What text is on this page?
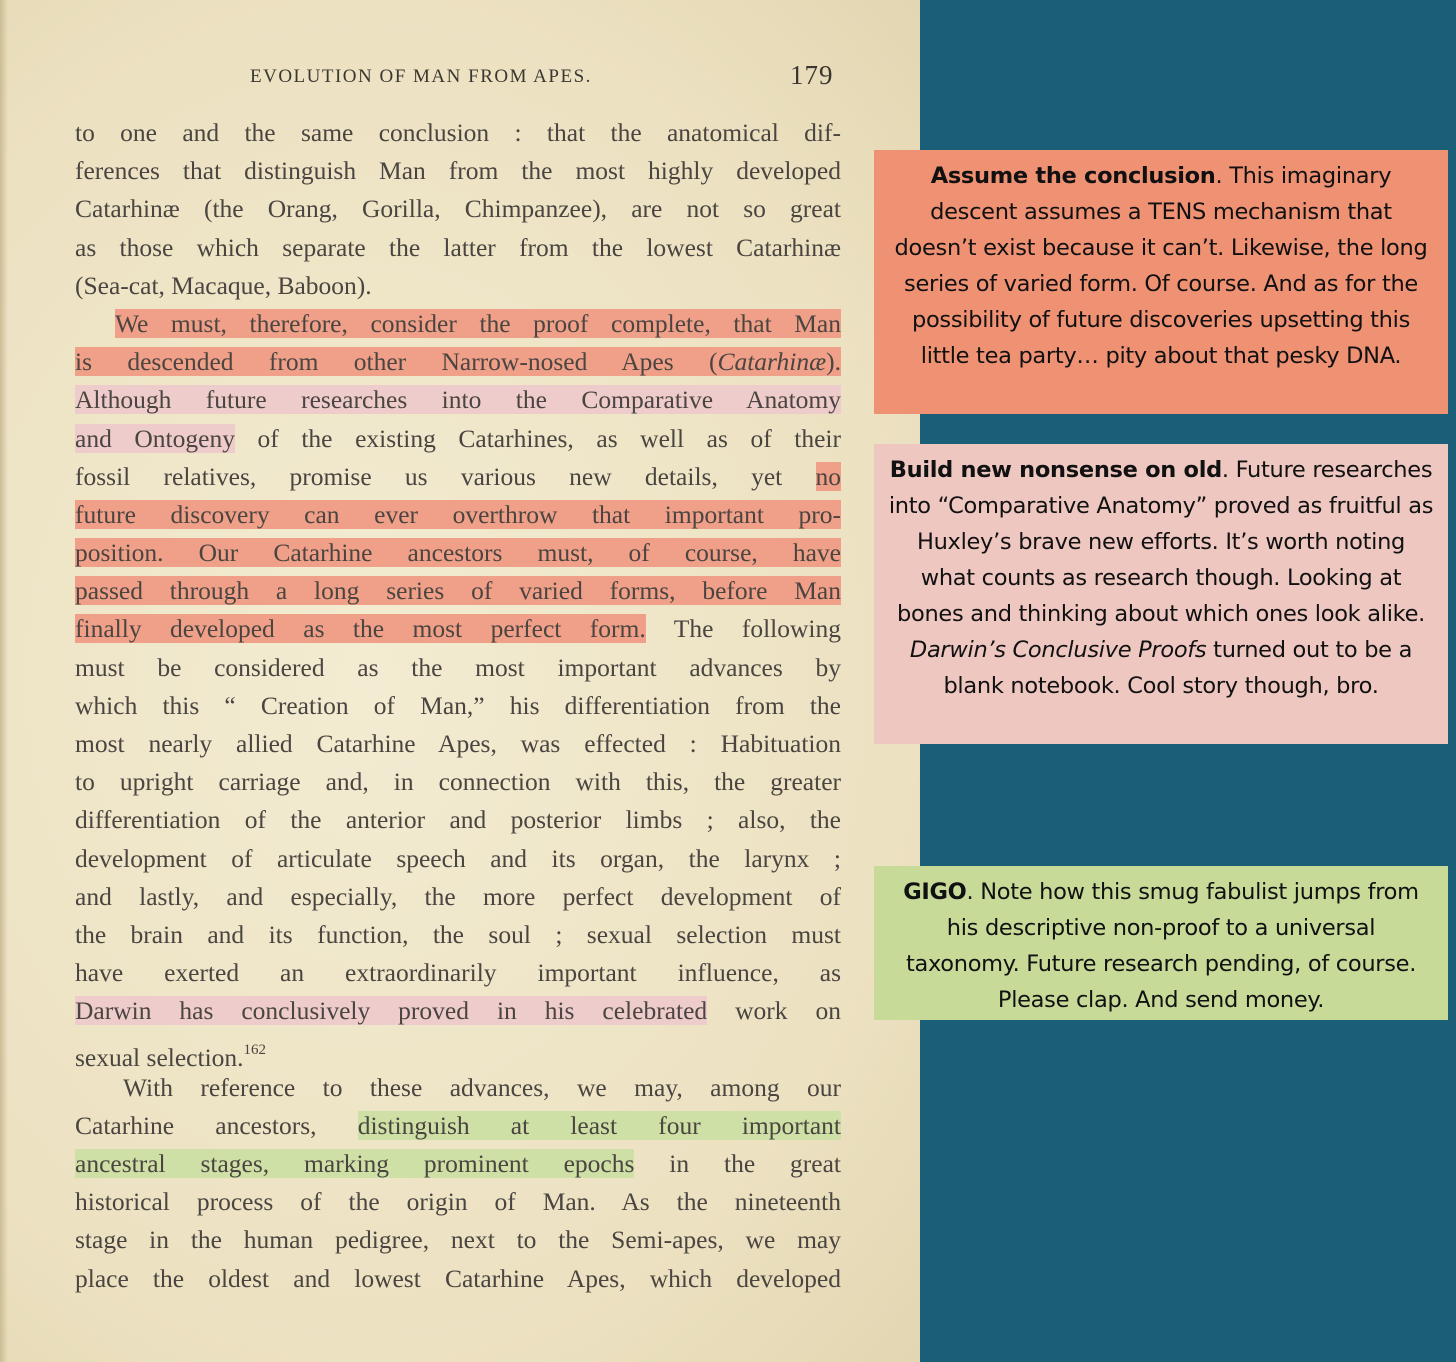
EVOLUTION OF MAN FROM APES.	179
to one and the same conclusion : that the anatomical dif-
ferences that distinguish Man from the most highly developed
Catarhinæ (the Orang, Gorilla, Chimpanzee), are not so great
as those which separate the latter from the lowest Catarhinæ
(Sea-cat, Macaque, Baboon).
We must, therefore, consider the proof complete, that Man
is descended from other Narrow-nosed Apes (Catarhinæ).
Although future researches into the Comparative Anatomy
and Ontogeny of the existing Catarhines, as well as of their
fossil relatives, promise us various new details, yet no
future discovery can ever overthrow that important pro-
position. Our Catarhine ancestors must, of course, have
passed through a long series of varied forms, before Man
finally developed as the most perfect form. The following
must be considered as the most important advances by
which this “ Creation of Man,” his differentiation from the
most nearly allied Catarhine Apes, was effected : Habituation
to upright carriage and, in connection with this, the greater
differentiation of the anterior and posterior limbs ; also, the
development of articulate speech and its organ, the larynx ;
and lastly, and especially, the more perfect development of
the brain and its function, the soul ; sexual selection must
have exerted an extraordinarily important influence, as
Darwin has conclusively proved in his celebrated work on
sexual selection.$^{162}$
With reference to these advances, we may, among our
Catarhine ancestors, distinguish at least four important
ancestral stages, marking prominent epochs in the great
historical process of the origin of Man. As the nineteenth
stage in the human pedigree, next to the Semi-apes, we may
place the oldest and lowest Catarhine Apes, which developed
Assume the conclusion. This imaginary descent assumes a TENS mechanism that doesn’t exist because it can’t. Likewise, the long series of varied form. Of course. And as for the possibility of future discoveries upsetting this little tea party… pity about that pesky DNA.
Build new nonsense on old. Future researches into “Comparative Anatomy” proved as fruitful as Huxley’s brave new efforts. It’s worth noting what counts as research though. Looking at bones and thinking about which ones look alike. Darwin’s Conclusive Proofs turned out to be a blank notebook. Cool story though, bro.
GIGO. Note how this smug fabulist jumps from his descriptive non-proof to a universal taxonomy. Future research pending, of course. Please clap. And send money.
